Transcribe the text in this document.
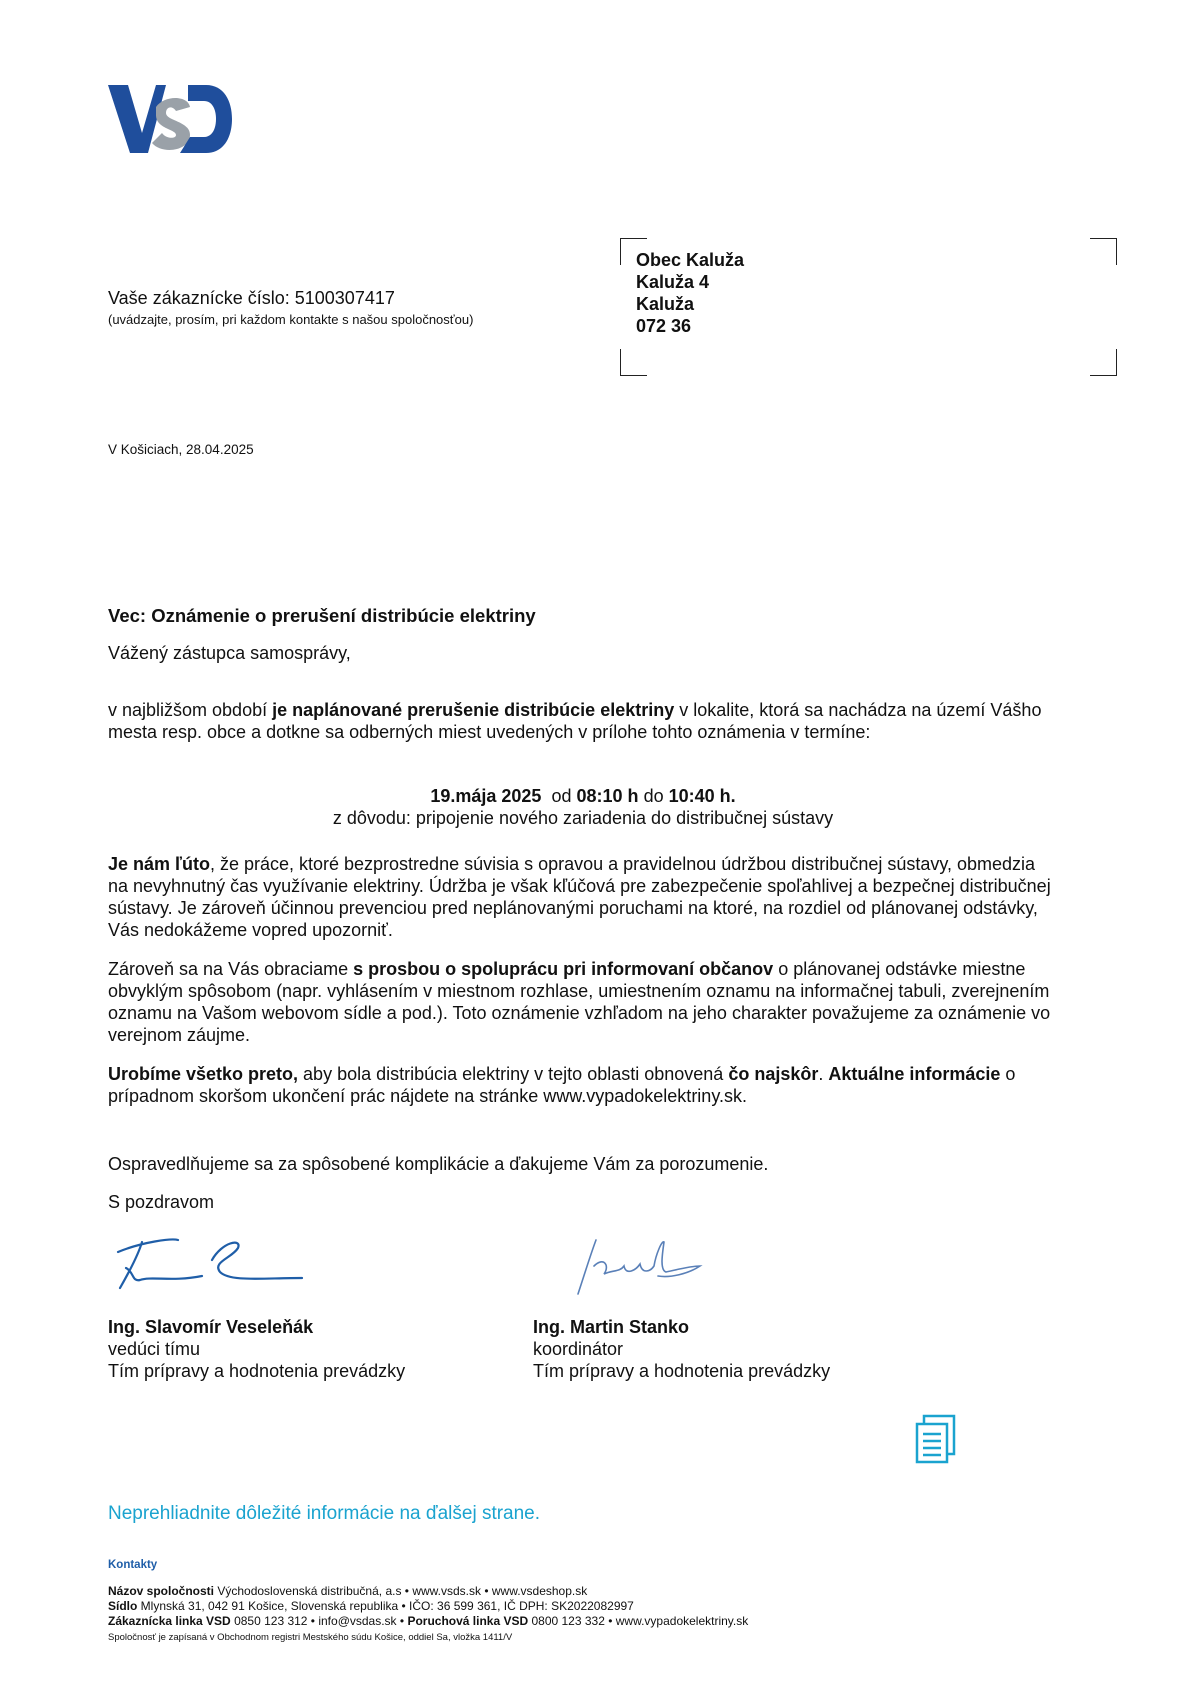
Vaše zákaznícke číslo: 5100307417
(uvádzajte, prosím, pri každom kontakte s našou spoločnosťou)
Obec Kaluža
Kaluža 4
Kaluža
072 36
V Košiciach, 28.04.2025
Vec: Oznámenie o prerušení distribúcie elektriny
Vážený zástupca samosprávy,
v najbližšom období je naplánované prerušenie distribúcie elektriny v lokalite, ktorá sa nachádza na území Vášho mesta resp. obce a dotkne sa odberných miest uvedených v prílohe tohto oznámenia v termíne:
19.mája 2025 od 08:10 h do 10:40 h.
z dôvodu: pripojenie nového zariadenia do distribučnej sústavy
Je nám ľúto, že práce, ktoré bezprostredne súvisia s opravou a pravidelnou údržbou distribučnej sústavy, obmedzia na nevyhnutný čas využívanie elektriny. Údržba je však kľúčová pre zabezpečenie spoľahlivej a bezpečnej distribučnej sústavy. Je zároveň účinnou prevenciou pred neplánovanými poruchami na ktoré, na rozdiel od plánovanej odstávky, Vás nedokážeme vopred upozorniť.
Zároveň sa na Vás obraciame s prosbou o spoluprácu pri informovaní občanov o plánovanej odstávke miestne obvyklým spôsobom (napr. vyhlásením v miestnom rozhlase, umiestnením oznamu na informačnej tabuli, zverejnením oznamu na Vašom webovom sídle a pod.). Toto oznámenie vzhľadom na jeho charakter považujeme za oznámenie vo verejnom záujme.
Urobíme všetko preto, aby bola distribúcia elektriny v tejto oblasti obnovená čo najskôr. Aktuálne informácie o prípadnom skoršom ukončení prác nájdete na stránke www.vypadokelektriny.sk.
Ospravedlňujeme sa za spôsobené komplikácie a ďakujeme Vám za porozumenie.
S pozdravom
Ing. Slavomír Veseleňák
vedúci tímu
Tím prípravy a hodnotenia prevádzky
Ing. Martin Stanko
koordinátor
Tím prípravy a hodnotenia prevádzky
Neprehliadnite dôležité informácie na ďalšej strane.
Kontakty
Názov spoločnosti Východoslovenská distribučná, a.s • www.vsds.sk • www.vsdeshop.sk
Sídlo Mlynská 31, 042 91 Košice, Slovenská republika • IČO: 36 599 361, IČ DPH: SK2022082997
Zákaznícka linka VSD 0850 123 312 • info@vsdas.sk • Poruchová linka VSD 0800 123 332 • www.vypadokelektriny.sk
Spoločnosť je zapísaná v Obchodnom registri Mestského súdu Košice, oddiel Sa, vložka 1411/V
